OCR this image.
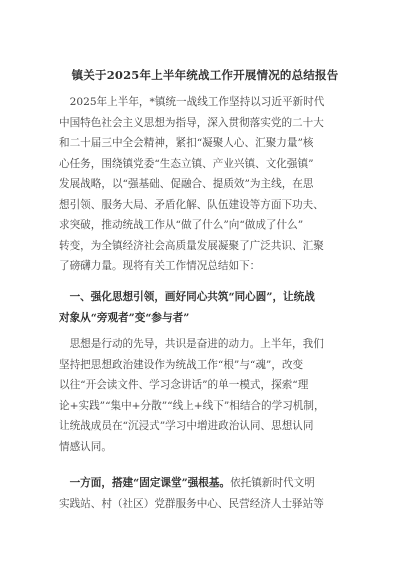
镇关于2025年上半年统战工作开展情况的总结报告
　2025年上半年，*镇统一战线工作坚持以习近平新时代
中国特色社会主义思想为指导，深入贯彻落实党的二十大
和二十届三中全会精神，紧扣“凝聚人心、汇聚力量”核
心任务，围绕镇党委“生态立镇、产业兴镇、文化强镇”
发展战略，以“强基础、促融合、提质效”为主线，在思
想引领、服务大局、矛盾化解、队伍建设等方面下功夫、
求突破，推动统战工作从“做了什么”向“做成了什么”
转变，为全镇经济社会高质量发展凝聚了广泛共识、汇聚
了磅礴力量。现将有关工作情况总结如下：
　一、强化思想引领，画好同心共筑“同心圆”，让统战
对象从“旁观者”变“参与者”
　思想是行动的先导，共识是奋进的动力。上半年，我们
坚持把思想政治建设作为统战工作“根”与“魂”，改变
以往“开会读文件、学习念讲话”的单一模式，探索“理
论+实践”“集中+分散”“线上+线下”相结合的学习机制，
让统战成员在“沉浸式”学习中增进政治认同、思想认同
情感认同。
　一方面，搭建“固定课堂”强根基。依托镇新时代文明
实践站、村（社区）党群服务中心、民营经济人士驿站等
